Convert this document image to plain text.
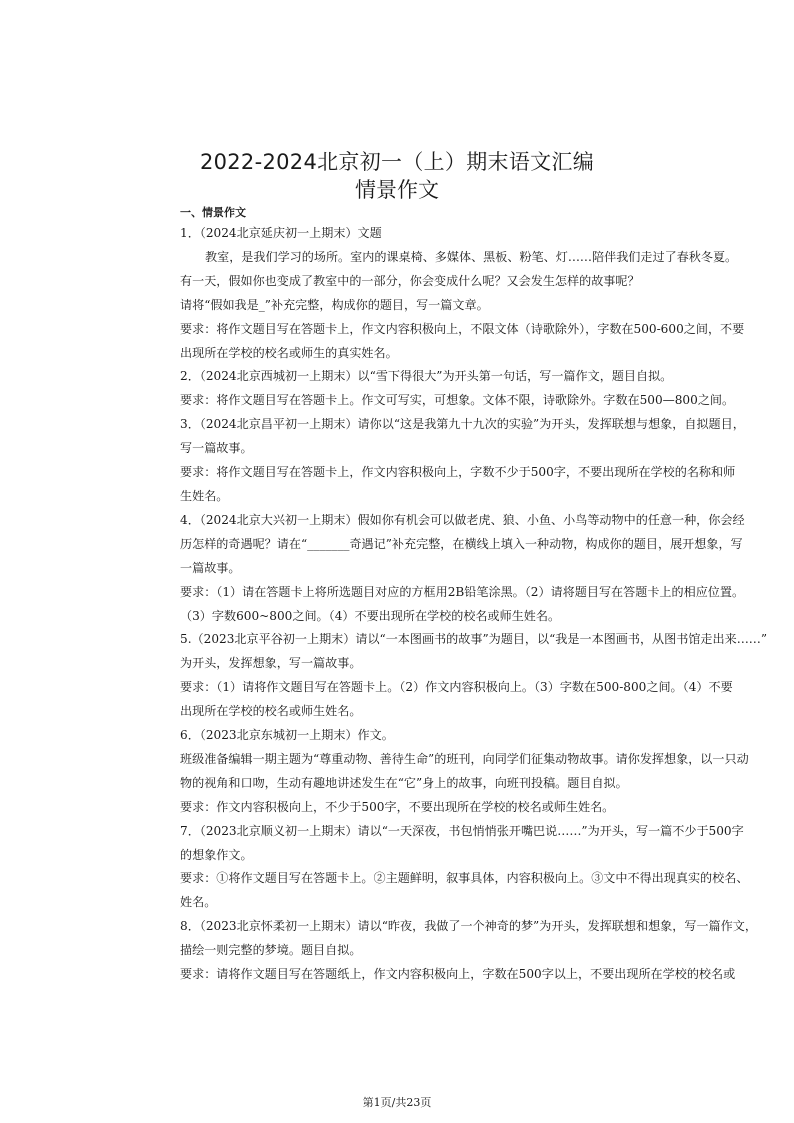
2022-2024北京初一（上）期末语文汇编
情景作文
一、情景作文
1．（2024北京延庆初一上期末）文题
教室，是我们学习的场所。室内的课桌椅、多媒体、黑板、粉笔、灯……陪伴我们走过了春秋冬夏。
有一天，假如你也变成了教室中的一部分，你会变成什么呢？又会发生怎样的故事呢？
请将“假如我是_”补充完整，构成你的题目，写一篇文章。
要求：将作文题目写在答题卡上，作文内容积极向上，不限文体（诗歌除外），字数在500-600之间，不要
出现所在学校的校名或师生的真实姓名。
2．（2024北京西城初一上期末）以“雪下得很大”为开头第一句话，写一篇作文，题目自拟。
要求：将作文题目写在答题卡上。作文可写实，可想象。文体不限，诗歌除外。字数在500—800之间。
3．（2024北京昌平初一上期末）请你以“这是我第九十九次的实验”为开头，发挥联想与想象，自拟题目，
写一篇故事。
要求：将作文题目写在答题卡上，作文内容积极向上，字数不少于500字，不要出现所在学校的名称和师
生姓名。
4．（2024北京大兴初一上期末）假如你有机会可以做老虎、狼、小鱼、小鸟等动物中的任意一种，你会经
历怎样的奇遇呢？请在“_______奇遇记”补充完整，在横线上填入一种动物，构成你的题目，展开想象，写
一篇故事。
要求：（1）请在答题卡上将所选题目对应的方框用2B铅笔涂黑。（2）请将题目写在答题卡上的相应位置。
（3）字数600~800之间。（4）不要出现所在学校的校名或师生姓名。
5.（2023北京平谷初一上期末）请以“一本图画书的故事”为题目，以“我是一本图画书，从图书馆走出来……”
为开头，发挥想象，写一篇故事。
要求：（1）请将作文题目写在答题卡上。（2）作文内容积极向上。（3）字数在500-800之间。（4）不要
出现所在学校的校名或师生姓名。
6．（2023北京东城初一上期末）作文。
班级准备编辑一期主题为“尊重动物、善待生命”的班刊，向同学们征集动物故事。请你发挥想象，以一只动
物的视角和口吻，生动有趣地讲述发生在“它”身上的故事，向班刊投稿。题目自拟。
要求：作文内容积极向上，不少于500字，不要出现所在学校的校名或师生姓名。
7．（2023北京顺义初一上期末）请以“一天深夜，书包悄悄张开嘴巴说……”为开头，写一篇不少于500字
的想象作文。
要求：①将作文题目写在答题卡上。②主题鲜明，叙事具体，内容积极向上。③文中不得出现真实的校名、
姓名。
8．（2023北京怀柔初一上期末）请以“昨夜，我做了一个神奇的梦”为开头，发挥联想和想象，写一篇作文，
描绘一则完整的梦境。题目自拟。
要求：请将作文题目写在答题纸上，作文内容积极向上，字数在500字以上，不要出现所在学校的校名或
第1页/共23页
